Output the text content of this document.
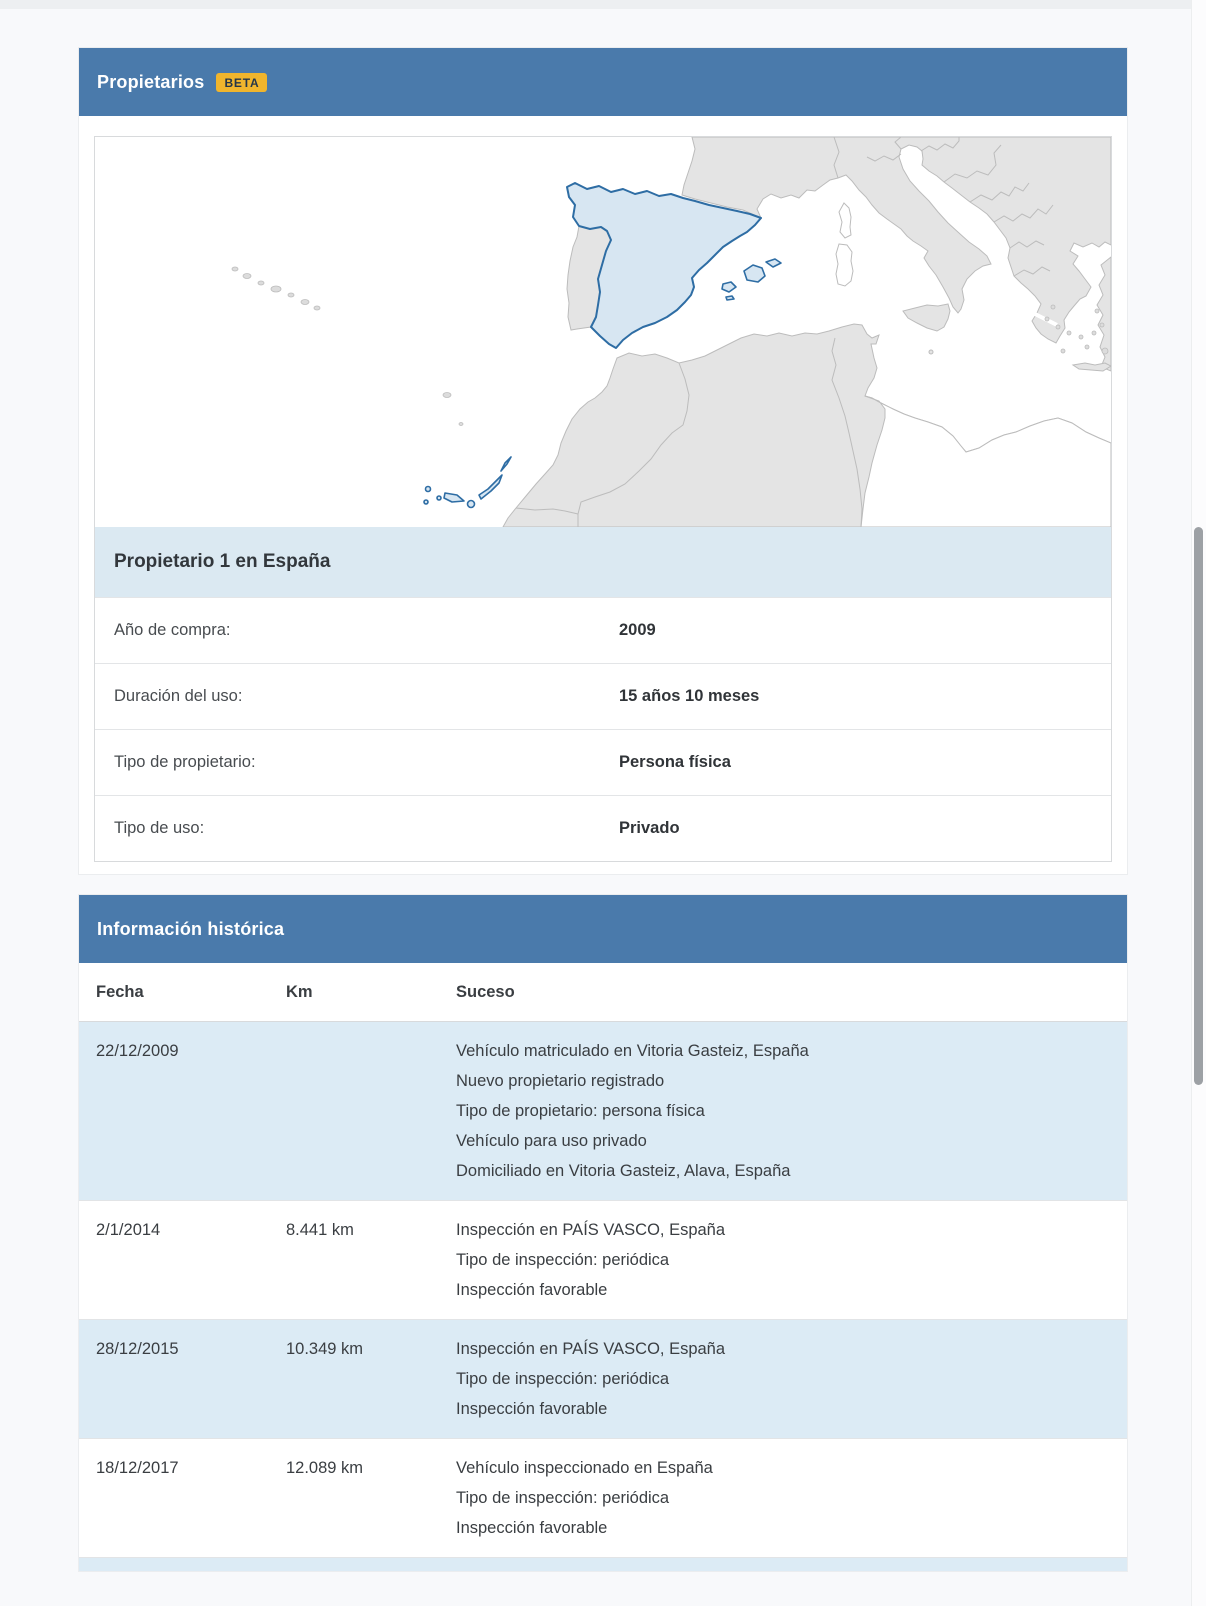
Propietarios	BETA
Propietario 1 en España
Año de compra:	2009
Duración del uso:	15 años 10 meses
Tipo de propietario:	Persona física
Tipo de uso:	Privado
Información histórica
Fecha	Km	Suceso
22/12/2009		Vehículo matriculado en Vitoria Gasteiz, España
Nuevo propietario registrado
Tipo de propietario: persona física
Vehículo para uso privado
Domiciliado en Vitoria Gasteiz, Alava, España

2/1/2014	8.441 km	Inspección en PAÍS VASCO, España
Tipo de inspección: periódica
Inspección favorable

28/12/2015	10.349 km	Inspección en PAÍS VASCO, España
Tipo de inspección: periódica
Inspección favorable

18/12/2017	12.089 km	Vehículo inspeccionado en España
Tipo de inspección: periódica
Inspección favorable
